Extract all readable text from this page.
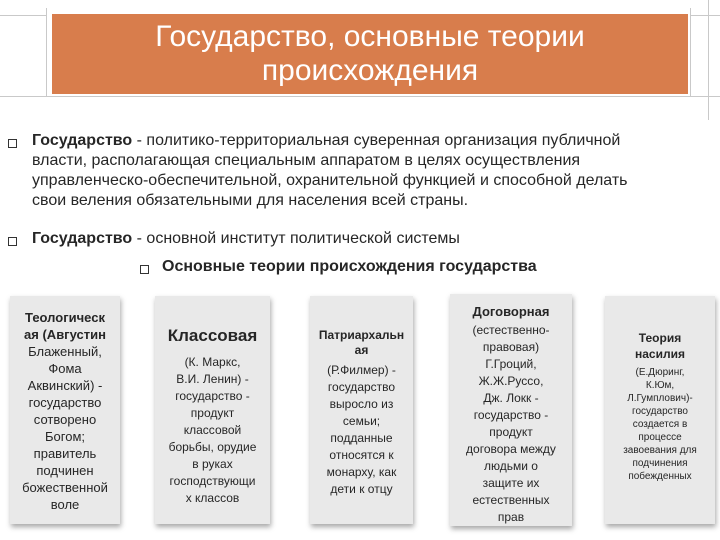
Государство, основные теории
происхождения
Государство - политико-территориальная суверенная организация публичной
власти, располагающая специальным аппаратом в целях осуществления
управленческо-обеспечительной, охранительной функцией и способной делать
свои веления обязательными для населения всей страны.
Государство - основной институт политической системы
Основные теории происхождения государства
Теологическ
ая (Августин
Блаженный,
Фома
Аквинский) -
государство
сотворено
Богом;
правитель
подчинен
божественной
воле
Классовая
(К. Маркс,
В.И. Ленин) -
государство -
продукт
классовой
борьбы, орудие
в руках
господствующи
х классов
Патриархальн
ая
(Р.Филмер) -
государство
выросло из
семьи;
подданные
относятся к
монарху, как
дети к отцу
Договорная
(естественно-
правовая)
Г.Гроций,
Ж.Ж.Руссо,
Дж. Локк -
государство -
продукт
договора между
людьми о
защите их
естественных
прав
Теория
насилия
(Е.Дюринг,
К.Юм,
Л.Гумплович)-
государство
создается в
процессе
завоевания для
подчинения
побежденных
